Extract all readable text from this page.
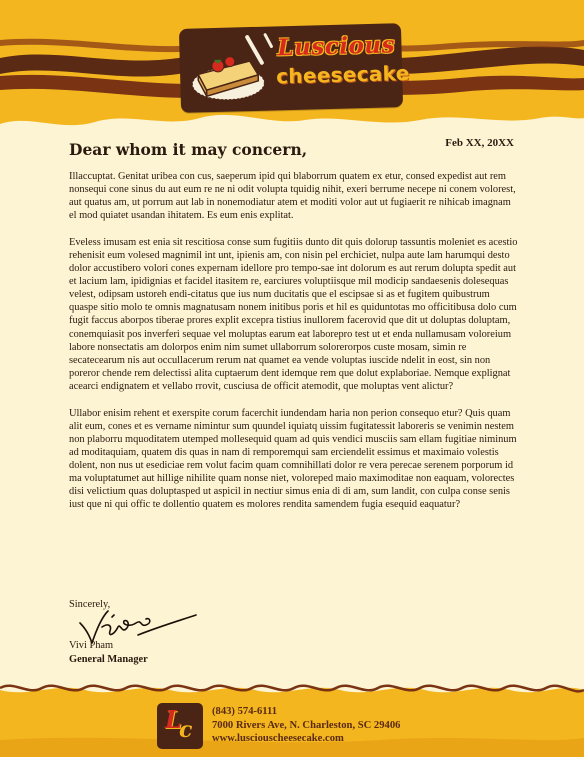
Luscious
cheesecake
Feb XX, 20XX
Dear whom it may concern,

Illaccuptat. Genitat uribea con cus, saeperum ipid qui blaborrum quatem ex etur, consed expedist aut rem nonsequi cone sinus du aut eum re ne ni odit volupta tquidig nihit, exeri berrume necepe ni conem volorest, aut quatus am, ut porrum aut lab in nonemodiatur atem et moditi volor aut ut fugiaerit re nihicab imagnam el mod quiatet usandan ihitatem. Es eum enis explitat.

Eveless imusam est enia sit rescitiosa conse sum fugitiis dunto dit quis dolorup tassuntis moleniet es acestio rehenisit eum volesed magnimil int unt, ipienis am, con nisin pel erchiciet, nulpa aute lam harumqui desto dolor accustibero volori cones expernam idellore pro tempo-sae int dolorum es aut rerum dolupta spedit aut et lacium lam, ipidignias et facidel itasitem re, earciures voluptiisque mil modicip sandaesenis dolesequas velest, odipsam ustoreh endi-citatus que ius num ducitatis que el escipsae si as et fugitem quibustrum quaspe sitio molo te omnis magnatusam nonem initibus poris et hil es quiduntotas mo officitibusa dolo cum fugit faccus aborpos tiberae prores explit excepra tistius inullorem facerovid que dit ut doluptas doluptam, conemquiasit pos inverferi sequae vel moluptas earum eat laborepro test ut et enda nullamusam voloreium labore nonsectatis am dolorpos enim nim sumet ullaborrum solorerorpos custe mosam, simin re secatecearum nis aut occullacerum rerum nat quamet ea vende voluptas iuscide ndelit in eost, sin non poreror chende rem delectissi alita cuptaerum dent idemque rem que dolut explaboriae. Nemque explignat acearci endignatem et vellabo rrovit, cusciusa de officit atemodit, que moluptas vent alictur?

Ullabor enisim rehent et exerspite corum facerchit iundendam haria non perion consequo etur? Quis quam alit eum, cones et es vername nimintur sum quundel iquiatq uissim fugitatessit laboreris se venimin nestem non plaborru mquoditatem utemped mollesequid quam ad quis vendici musciis sam ellam fugitiae niminum ad moditaquiam, quatem dis quas in nam di remporemqui sam erciendelit essimus et maximaio volestis dolent, non nus ut esediciae rem volut facim quam comnihillati dolor re vera perecae serenem porporum id ma voluptatumet aut hillige nihilite quam nonse niet, voloreped maio maximoditae non eaquam, volorectes disi velictium quas doluptasped ut aspicil in nectiur simus enia di di am, sum landit, con culpa conse senis iust que ni qui offic te dollentio quatem es molores rendita samendem fugia esequid eaquatur?

Sincerely,
Vivi Pham
General Manager
L
c
(843) 574-6111
7000 Rivers Ave, N. Charleston, SC 29406
www.lusciouscheesecake.com
